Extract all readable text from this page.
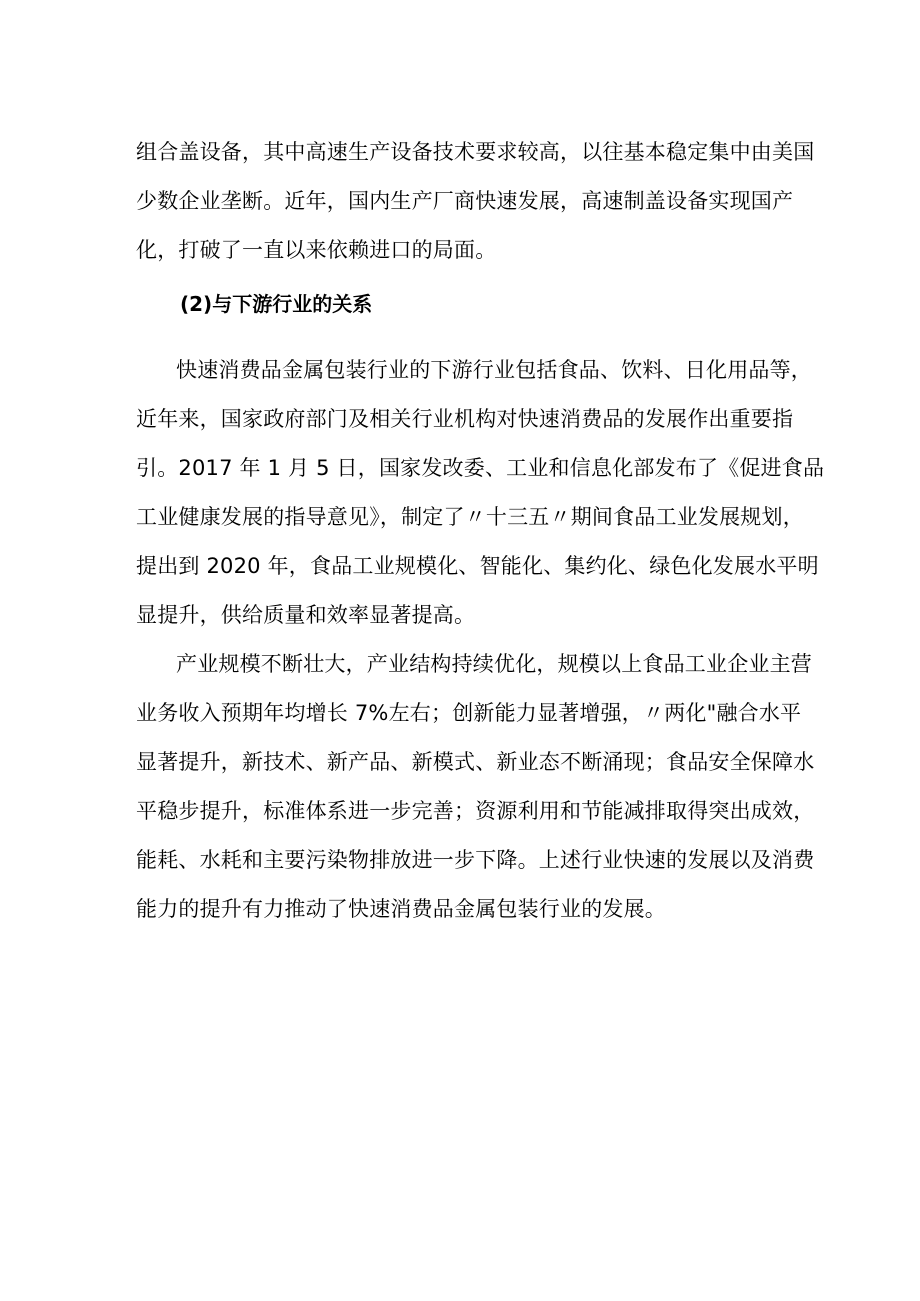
组合盖设备，其中高速生产设备技术要求较高，以往基本稳定集中由美国
少数企业垄断。近年，国内生产厂商快速发展，高速制盖设备实现国产
化，打破了一直以来依赖进口的局面。
(2)与下游行业的关系
快速消费品金属包装行业的下游行业包括食品、饮料、日化用品等，
近年来，国家政府部门及相关行业机构对快速消费品的发展作出重要指
引。2017 年 1 月 5 日，国家发改委、工业和信息化部发布了《促进食品
工业健康发展的指导意见》，制定了〃十三五〃期间食品工业发展规划，
提出到 2020 年，食品工业规模化、智能化、集约化、绿色化发展水平明
显提升，供给质量和效率显著提高。
产业规模不断壮大，产业结构持续优化，规模以上食品工业企业主营
业务收入预期年均增长 7%左右；创新能力显著增强，〃两化"融合水平
显著提升，新技术、新产品、新模式、新业态不断涌现；食品安全保障水
平稳步提升，标准体系进一步完善；资源利用和节能减排取得突出成效，
能耗、水耗和主要污染物排放进一步下降。上述行业快速的发展以及消费
能力的提升有力推动了快速消费品金属包装行业的发展。
